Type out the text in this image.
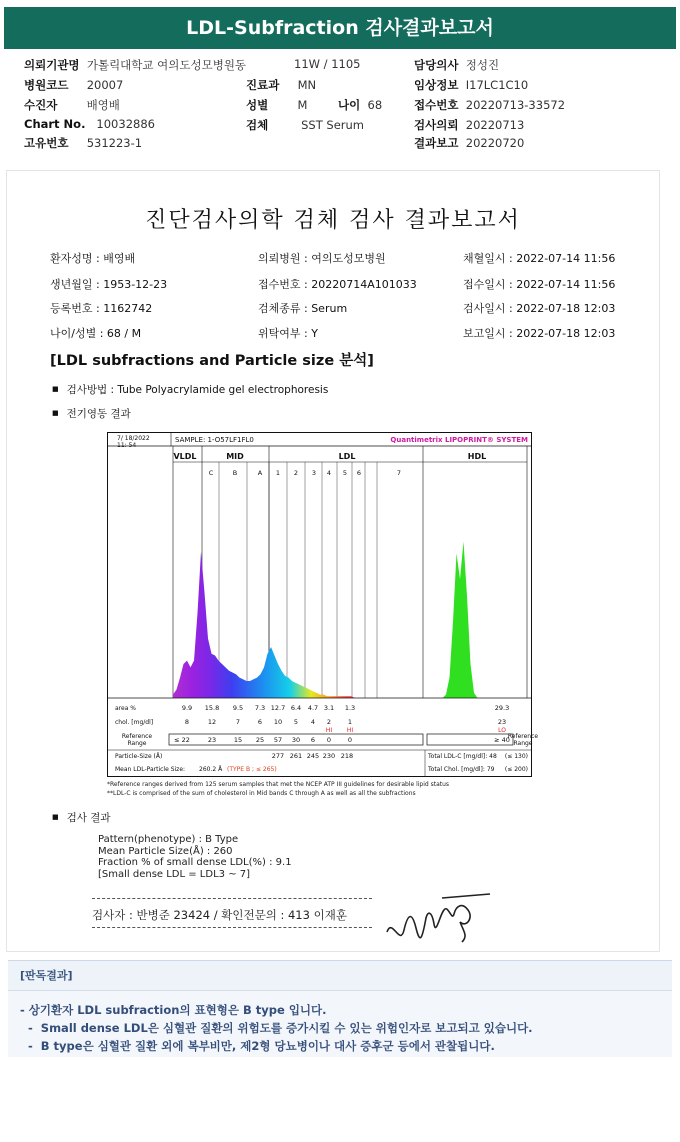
LDL-Subfraction 검사결과보고서
의뢰기관명 가톨릭대학교 여의도성모병원동	11W / 1105	담당의사 정성진
병원코드 20007	진료과 MN	임상정보 I17LC1C10
수진자	배영배	성별	M	나이 68	접수번호 20220713-33572
Chart No. 10032886	검체	SST Serum	검사의뢰 20220713
고유번호 531223-1	결과보고 20220720
진단검사의학 검체 검사 결과보고서
환자성명 : 배영배	의뢰병원 : 여의도성모병원	채혈일시 : 2022-07-14 11:56
생년월일 : 1953-12-23	접수번호 : 20220714A101033	접수일시 : 2022-07-14 11:56
등록번호 : 1162742	검체종류 : Serum	검사일시 : 2022-07-18 12:03
나이/성별 : 68 / M	위탁여부 : Y	보고일시 : 2022-07-18 12:03
[LDL subfractions and Particle size 분석]
■ 검사방법 : Tube Polyacrylamide gel electrophoresis
■ 전기영동 결과
7/ 18/2022
11: 54
SAMPLE: 1-O57LF1FL0	Quantimetrix LIPOPRINT® SYSTEM
VLDL	MID	LDL	HDL
C	B	A 1 2 3 4 5 6	7
area %	9.9 15.8 9.5 7.3 12.7 6.4 4.7 3.1 1.3	29.3
chol. [mg/dl]	8	12	7	6 10 5 4 2	1	23
HI HI	LO
Reference
Range
Reference
Range
≤ 22	23	15 25 57 30 6 0	0	≥ 40
Particle-Size (Å)	277 261 245 230 218
Mean LDL-Particle Size: 260.2 Å (TYPE B ; ≤ 265)
Total LDL-C [mg/dl]: 48 (≤ 130)
Total Chol. [mg/dl]: 79 (≤ 200)
■ 검사 결과
Pattern(phenotype) : B Type
Mean Particle Size(Å) : 260
Fraction % of small dense LDL(%) : 9.1
[Small dense LDL = LDL3 ~ 7]
검사자 : 반병준 23424 / 확인전문의 : 413 이재훈
[판독결과]
- 상기환자 LDL subfraction의 표현형은 B type 입니다.
-  Small dense LDL은 심혈관 질환의 위험도를 증가시킬 수 있는 위험인자로 보고되고 있습니다.
-  B type은 심혈관 질환 외에 복부비만, 제2형 당뇨병이나 대사 증후군 등에서 관찰됩니다.
*Reference ranges derived from 125 serum samples that met the NCEP ATP III guidelines for desirable lipid status
**LDL-C is comprised of the sum of cholesterol in Mid bands C through A as well as all the subfractions
